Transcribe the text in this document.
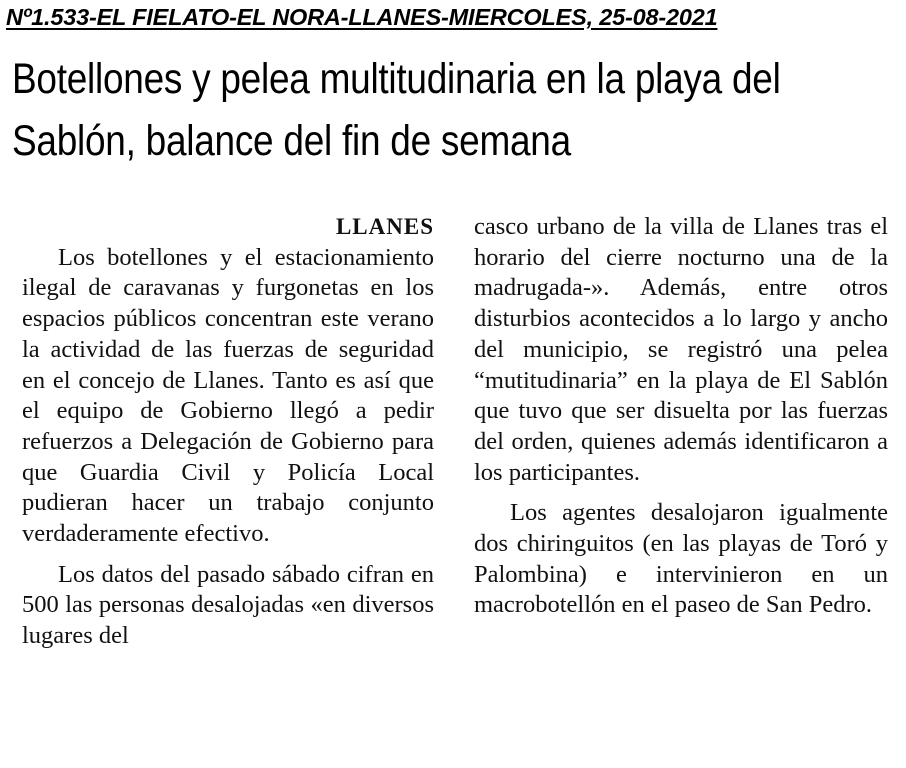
Nº1.533-EL FIELATO-EL NORA-LLANES-MIERCOLES, 25-08-2021
Botellones y pelea multitudinaria en la playa del Sablón, balance del fin de semana
LLANES

Los botellones y el estacionamiento ilegal de caravanas y furgonetas en los espacios públicos concentran este verano la actividad de las fuerzas de seguridad en el concejo de Llanes. Tanto es así que el equipo de Gobierno llegó a pedir refuerzos a Delegación de Gobierno para que Guardia Civil y Policía Local pudieran hacer un trabajo conjunto verdaderamente efectivo.

Los datos del pasado sábado cifran en 500 las personas desalojadas «en diversos lugares del

casco urbano de la villa de Llanes tras el horario del cierre nocturno una de la madrugada-». Además, entre otros disturbios acontecidos a lo largo y ancho del municipio, se registró una pelea “mutitudinaria” en la playa de El Sablón que tuvo que ser disuelta por las fuerzas del orden, quienes además identificaron a los participantes.

Los agentes desalojaron igualmente dos chiringuitos (en las playas de Toró y Palombina) e intervinieron en un macrobotellón en el paseo de San Pedro.
